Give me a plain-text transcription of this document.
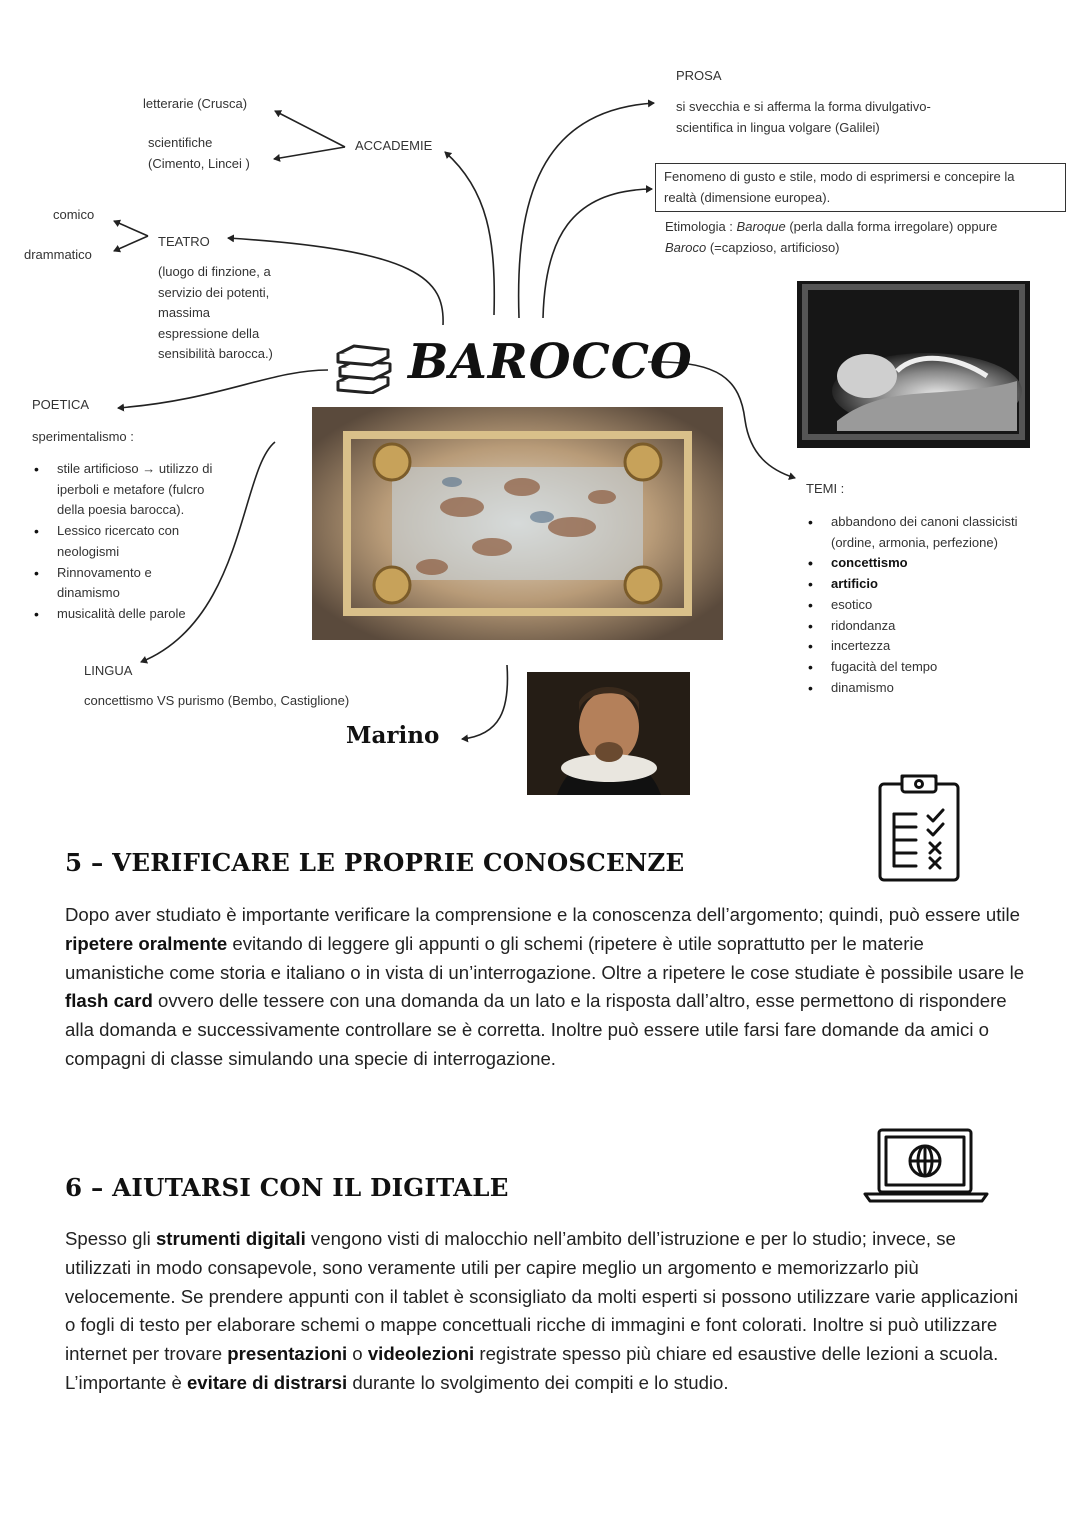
letterarie (Crusca)
scientifiche
(Cimento, Lincei )
ACCADEMIE
comico
drammatico
TEATRO
(luogo di finzione, a
servizio dei potenti,
massima
espressione della
sensibilità barocca.)
PROSA
si svecchia e si afferma la forma divulgativo-
scientifica in lingua volgare (Galilei)
Fenomeno di gusto e stile, modo di esprimersi e concepire la
realtà (dimensione europea).
Etimologia : Baroque (perla dalla forma irregolare) oppure
Baroco (=capzioso, artificioso)
BAROCCO
POETICA
sperimentalismo :
• stile artificioso → utilizzo di
iperboli e metafore (fulcro
della poesia barocca).
• Lessico ricercato con
neologismi
• Rinnovamento e
dinamismo
• musicalità delle parole
LINGUA
concettismo VS purismo (Bembo, Castiglione)
Marino
TEMI :
• abbandono dei canoni classicisti
(ordine, armonia, perfezione)
• concettismo
• artificio
• esotico
• ridondanza
• incertezza
• fugacità del tempo
• dinamismo
5 – VERIFICARE LE PROPRIE CONOSCENZE

Dopo aver studiato è importante verificare la comprensione e la conoscenza dell’argomento; quindi, può essere utile ripetere oralmente evitando di leggere gli appunti o gli schemi (ripetere è utile soprattutto per le materie umanistiche come storia e italiano o in vista di un’interrogazione. Oltre a ripetere le cose studiate è possibile usare le flash card ovvero delle tessere con una domanda da un lato e la risposta dall’altro, esse permettono di rispondere alla domanda e successivamente controllare se è corretta. Inoltre può essere utile farsi fare domande da amici o compagni di classe simulando una specie di interrogazione.

6 – AIUTARSI CON IL DIGITALE

Spesso gli strumenti digitali vengono visti di malocchio nell’ambito dell’istruzione e per lo studio; invece, se utilizzati in modo consapevole, sono veramente utili per capire meglio un argomento e memorizzarlo più velocemente. Se prendere appunti con il tablet è sconsigliato da molti esperti si possono utilizzare varie applicazioni o fogli di testo per elaborare schemi o mappe concettuali ricche di immagini e font colorati. Inoltre si può utilizzare internet per trovare presentazioni o videolezioni registrate spesso più chiare ed esaustive delle lezioni a scuola. L’importante è evitare di distrarsi durante lo svolgimento dei compiti e lo studio.
